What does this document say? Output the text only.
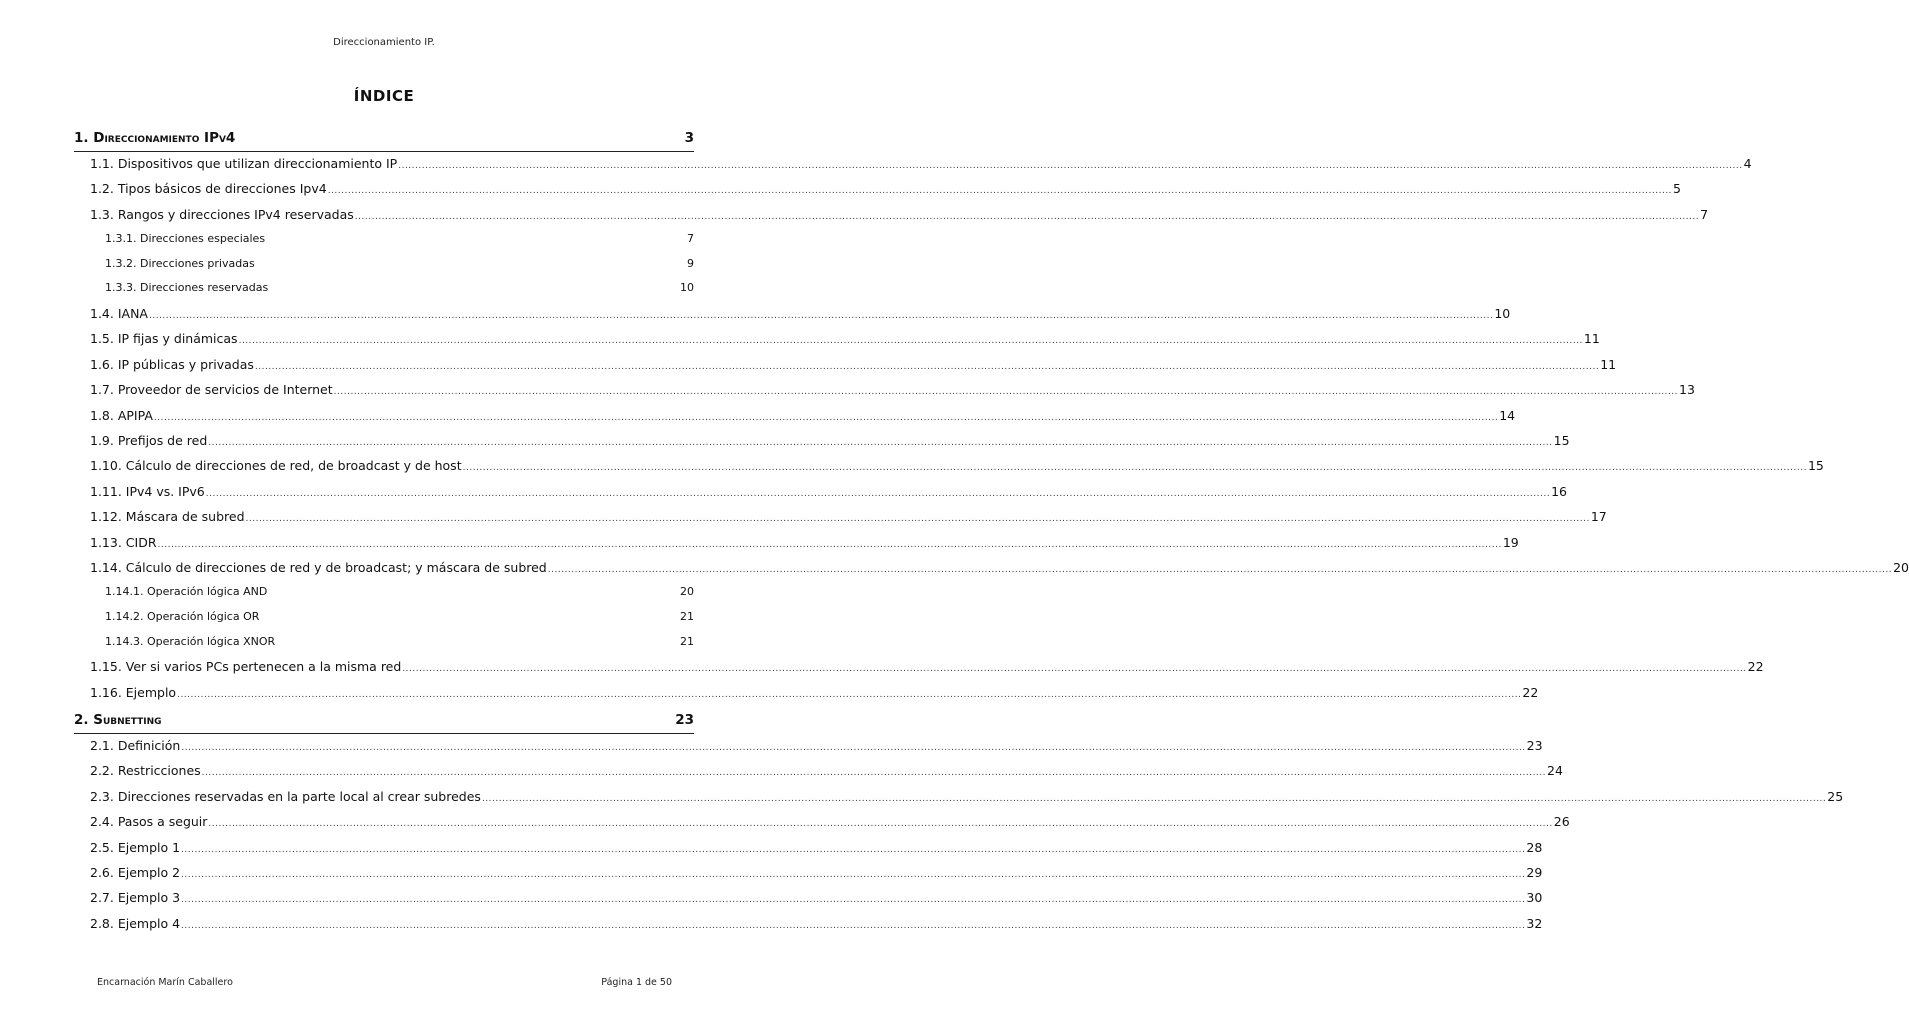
Direccionamiento IP.
ÍNDICE
1.
Direccionamiento IPv4	3
1.1. Dispositivos que utilizan direccionamiento IP ................................................................................................................................................................................................................................................................................................................................................................................................................ 4
1.2. Tipos básicos de direcciones Ipv4 ................................................................................................................................................................................................................................................................................................................................................................................................................ 5
1.3. Rangos y direcciones IPv4 reservadas ................................................................................................................................................................................................................................................................................................................................................................................................................ 7
1.3.1. Direcciones especiales	7
1.3.2. Direcciones privadas	9
1.3.3. Direcciones reservadas	10
1.4. IANA ................................................................................................................................................................................................................................................................................................................................................................................................................ 10
1.5. IP fijas y dinámicas ................................................................................................................................................................................................................................................................................................................................................................................................................ 11
1.6. IP públicas y privadas ................................................................................................................................................................................................................................................................................................................................................................................................................ 11
1.7. Proveedor de servicios de Internet ................................................................................................................................................................................................................................................................................................................................................................................................................ 13
1.8. APIPA ................................................................................................................................................................................................................................................................................................................................................................................................................ 14
1.9. Prefijos de red ................................................................................................................................................................................................................................................................................................................................................................................................................ 15
1.10. Cálculo de direcciones de red, de broadcast y de host ................................................................................................................................................................................................................................................................................................................................................................................................................ 15
1.11. IPv4 vs. IPv6 ................................................................................................................................................................................................................................................................................................................................................................................................................ 16
1.12. Máscara de subred ................................................................................................................................................................................................................................................................................................................................................................................................................ 17
1.13. CIDR ................................................................................................................................................................................................................................................................................................................................................................................................................ 19
1.14. Cálculo de direcciones de red y de broadcast; y máscara de subred ................................................................................................................................................................................................................................................................................................................................................................................................................ 20
1.14.1. Operación lógica AND	20
1.14.2. Operación lógica OR	21
1.14.3. Operación lógica XNOR	21
1.15. Ver si varios PCs pertenecen a la misma red ................................................................................................................................................................................................................................................................................................................................................................................................................ 22
1.16. Ejemplo ................................................................................................................................................................................................................................................................................................................................................................................................................ 22
2.
Subnetting	23
2.1. Definición ................................................................................................................................................................................................................................................................................................................................................................................................................ 23
2.2. Restricciones ................................................................................................................................................................................................................................................................................................................................................................................................................ 24
2.3. Direcciones reservadas en la parte local al crear subredes ................................................................................................................................................................................................................................................................................................................................................................................................................ 25
2.4. Pasos a seguir ................................................................................................................................................................................................................................................................................................................................................................................................................ 26
2.5. Ejemplo 1 ................................................................................................................................................................................................................................................................................................................................................................................................................ 28
2.6. Ejemplo 2 ................................................................................................................................................................................................................................................................................................................................................................................................................ 29
2.7. Ejemplo 3 ................................................................................................................................................................................................................................................................................................................................................................................................................ 30
2.8. Ejemplo 4 ................................................................................................................................................................................................................................................................................................................................................................................................................ 32
Encarnación Marín Caballero	Página 1 de 50
